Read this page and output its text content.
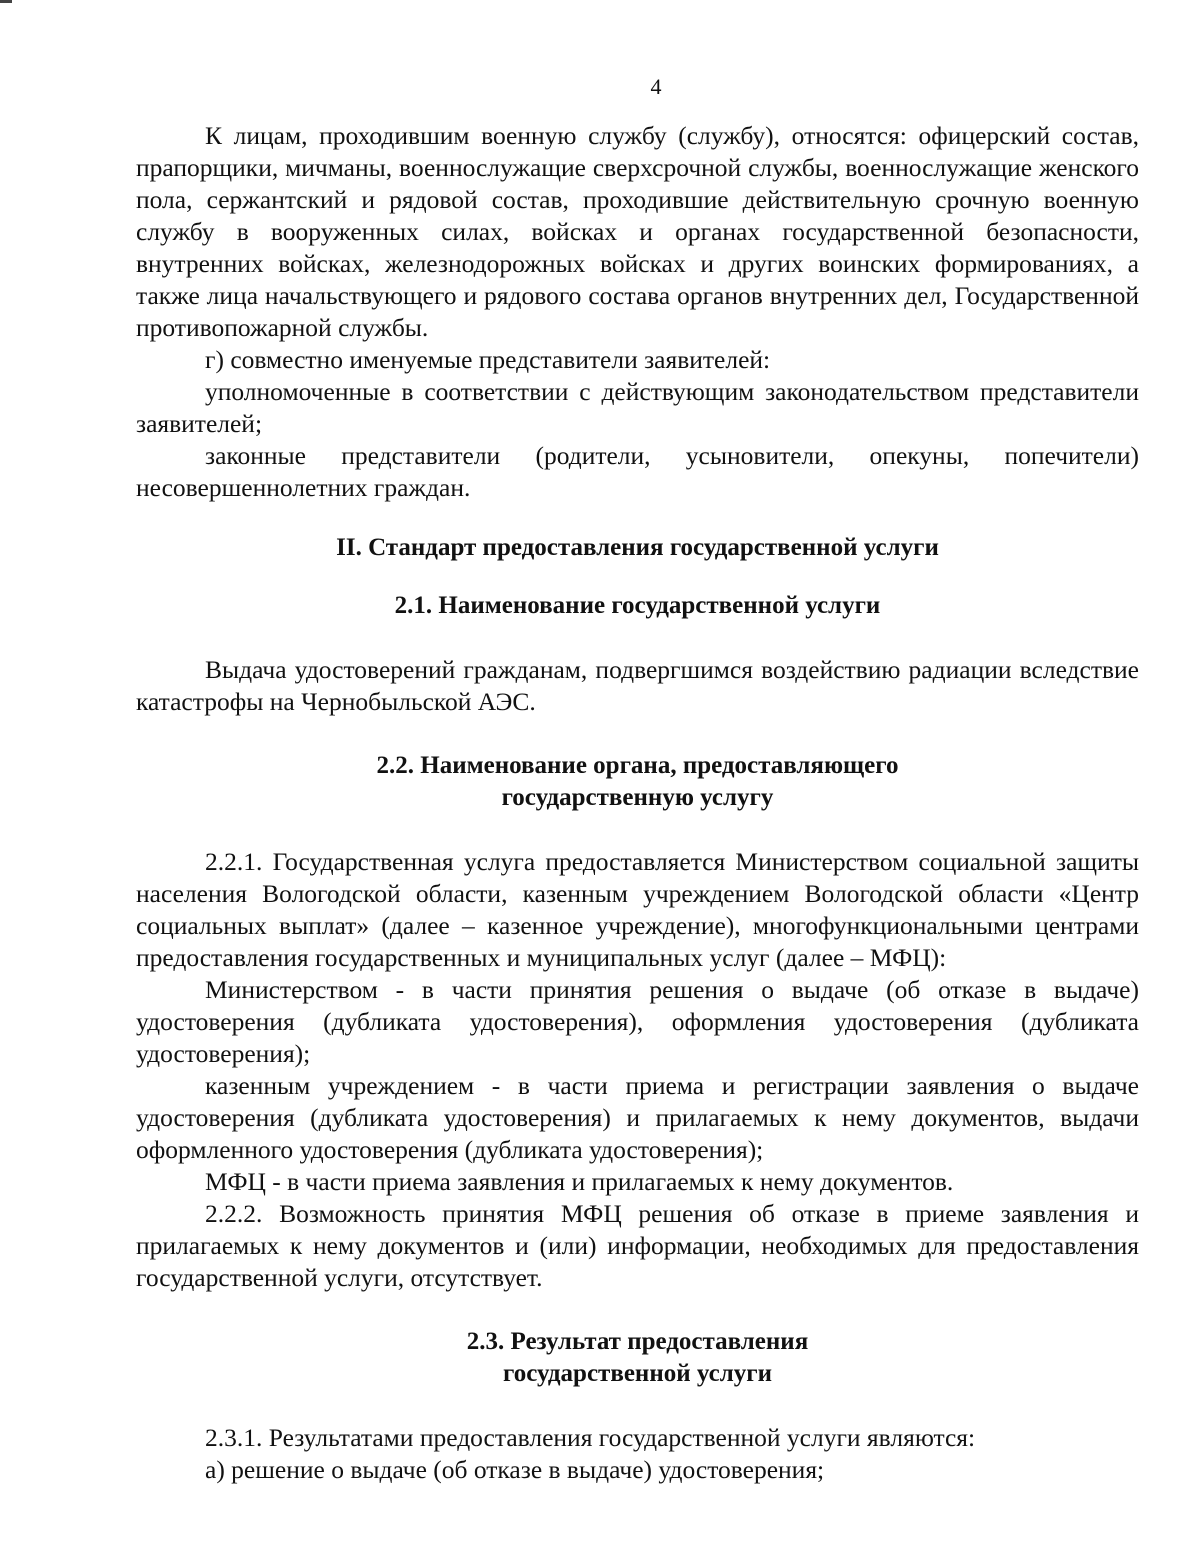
4

К лицам, проходившим военную службу (службу), относятся: офицерский состав, прапорщики, мичманы, военнослужащие сверхсрочной службы, военнослужащие женского пола, сержантский и рядовой состав, проходившие действительную срочную военную службу в вооруженных силах, войсках и органах государственной безопасности, внутренних войсках, железнодорожных войсках и других воинских формированиях, а также лица начальствующего и рядового состава органов внутренних дел, Государственной противопожарной службы.

г) совместно именуемые представители заявителей:

уполномоченные в соответствии с действующим законодательством представители заявителей;

законные представители (родители, усыновители, опекуны, попечители) несовершеннолетних граждан.

II. Стандарт предоставления государственной услуги

2.1. Наименование государственной услуги

Выдача удостоверений гражданам, подвергшимся воздействию радиации вследствие катастрофы на Чернобыльской АЭС.

2.2. Наименование органа, предоставляющего

государственную услугу

2.2.1. Государственная услуга предоставляется Министерством социальной защиты населения Вологодской области, казенным учреждением Вологодской области «Центр социальных выплат» (далее – казенное учреждение), многофункциональными центрами предоставления государственных и муниципальных услуг (далее – МФЦ):

Министерством - в части принятия решения о выдаче (об отказе в выдаче) удостоверения (дубликата удостоверения), оформления удостоверения (дубликата удостоверения);

казенным учреждением - в части приема и регистрации заявления о выдаче удостоверения (дубликата удостоверения) и прилагаемых к нему документов, выдачи оформленного удостоверения (дубликата удостоверения);

МФЦ - в части приема заявления и прилагаемых к нему документов.

2.2.2. Возможность принятия МФЦ решения об отказе в приеме заявления и прилагаемых к нему документов и (или) информации, необходимых для предоставления государственной услуги, отсутствует.

2.3. Результат предоставления

государственной услуги

2.3.1. Результатами предоставления государственной услуги являются:

а) решение о выдаче (об отказе в выдаче) удостоверения;
